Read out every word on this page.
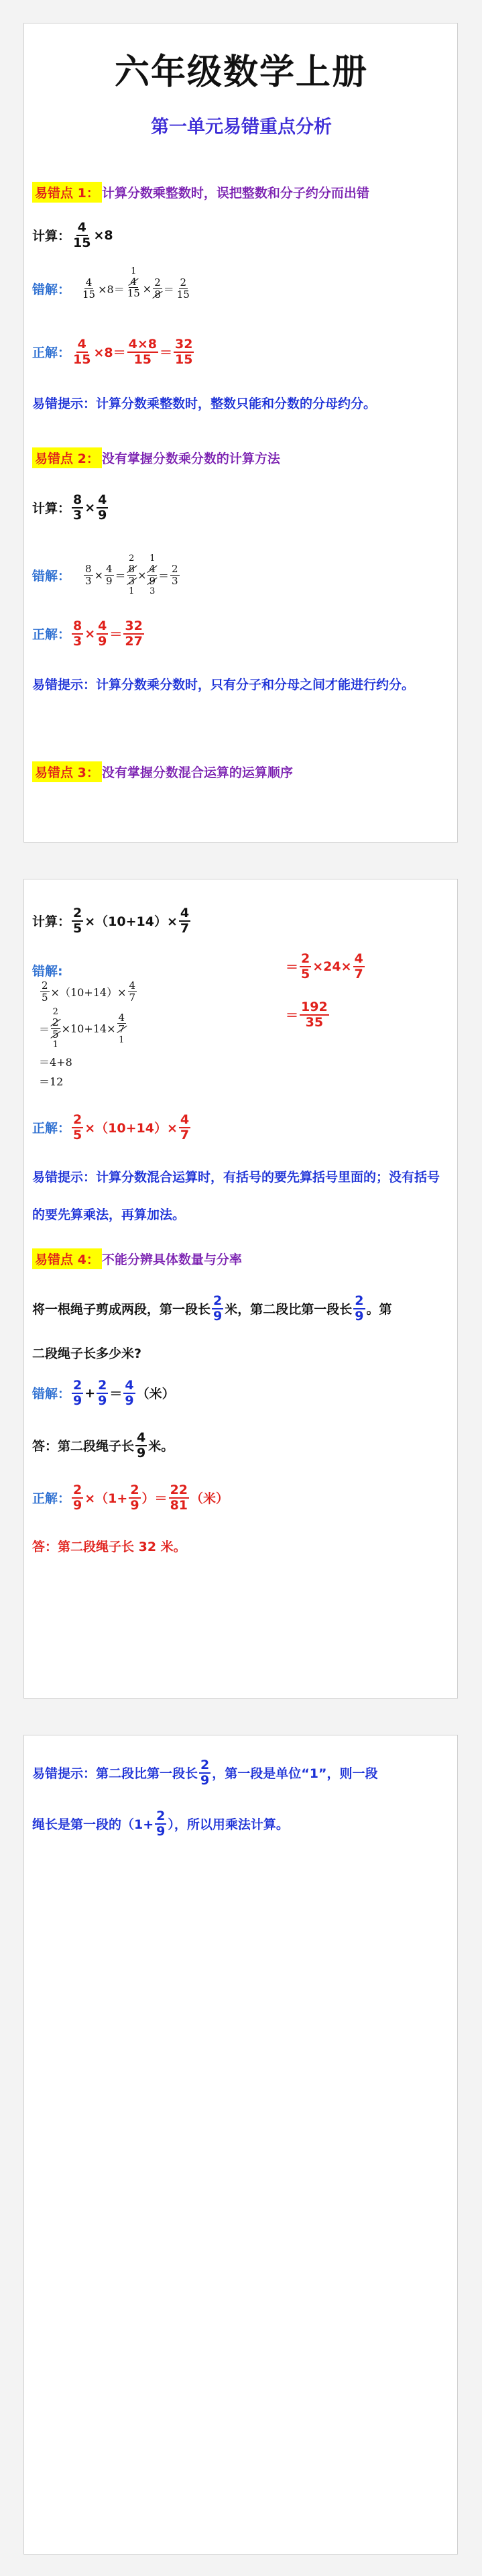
六年级数学上册
第一单元易错重点分析
易错点 1： 计算分数乘整数时，误把整数和分子约分而出错
计算： $\frac{4}{15} \times 8$
错解： $\frac{4}{15} \times 8=$
1
$\frac{4}{15} \times \frac{2}{8} = \frac{2}{15}$
正解： $\frac{4}{15} \times 8= \frac{4\times 8}{15} = \frac{32}{15}$
易错提示： 计算分数乘整数时，整数只能和分数的分母约分。
易错点 2： 没有掌握分数乘分数的计算方法
计算： $\frac{8}{3} \times \frac{4}{9}$
错解： $\frac{8}{3} \times \frac{4}{9}$ ＝
2
$\frac{8}{3}$
1
×
1
$\frac{4}{9}$
3
＝ $\frac{2}{3}$
正解： $\frac{8}{3} \times \frac{4}{9} = \frac{32}{27}$
易错提示：计算分数乘分数时，只有分子和分母之间才能进行约分。
易错点 3： 没有掌握分数混合运算的运算顺序
计算： $\frac{2}{5} \times(10+14)\times \frac{4}{7}$
错解:
$\frac{2}{5} \times(10+14)\times \frac{4}{7}$
＝
2
$\frac{2}{5}$
1
$\times 10+14\times \frac{4}{7}$
1
＝4+8
＝12
＝ $\frac{2}{5} \times 24\times \frac{4}{7}$
＝ $\frac{192}{35}$
正解： $\frac{2}{5} \times(10+14)\times \frac{4}{7}$
易错提示：计算分数混合运算时，有括号的要先算括号里面的；没有括号的要先算乘法，再算加法。
易错点 4： 不能分辨具体数量与分率
将一根绳子剪成两段，第一段长 $\frac{2}{9}$ 米，第二段比第一段长 $\frac{2}{9}$ 。第
二段绳子长多少米?
错解： $\frac{2}{9} + \frac{2}{9} = \frac{4}{9}$ （米）
答：第二段绳子长 $\frac{4}{9}$ 米。
正解： $\frac{2}{9} \times(1+ \frac{2}{9}$ ）＝ $\frac{22}{81}$ （米）
答：第二段绳子长 32 米。
易错提示： 第二段比第一段长 $\frac{2}{9}$ ，第一段是单位“1”，则一段
绳长是第一段的（$1+ \frac{2}{9}$ ），所以用乘法计算。
